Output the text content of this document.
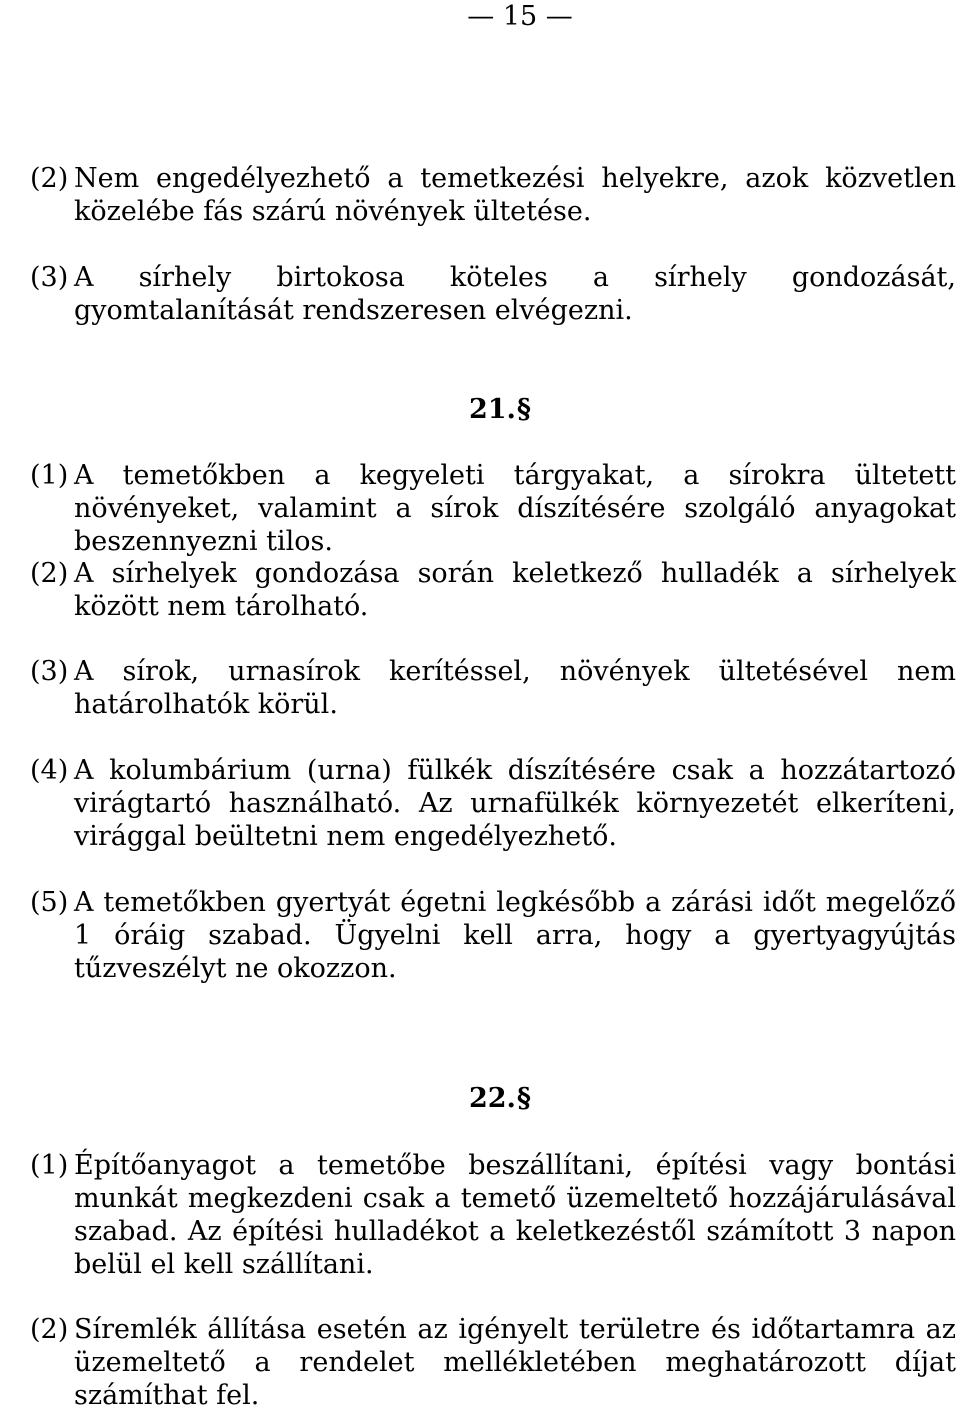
— 15 —
(2) Nem engedélyezhető a temetkezési helyekre, azok közvetlen közelébe fás szárú növények ültetése.
(3) A sírhely birtokosa köteles a sírhely gondozását, gyomtalanítását rendszeresen elvégezni.
21.§
(1) A temetőkben a kegyeleti tárgyakat, a sírokra ültetett növényeket, valamint a sírok díszítésére szolgáló anyagokat beszennyezni tilos.
(2) A sírhelyek gondozása során keletkező hulladék a sírhelyek között nem tárolható.
(3) A sírok, urnasírok kerítéssel, növények ültetésével nem határolhatók körül.
(4) A kolumbárium (urna) fülkék díszítésére csak a hozzátartozó virágtartó használható. Az urnafülkék környezetét elkeríteni, virággal beültetni nem engedélyezhető.
(5) A temetőkben gyertyát égetni legkésőbb a zárási időt megelőző 1 óráig szabad. Ügyelni kell arra, hogy a gyertyagyújtás tűzveszélyt ne okozzon.
22.§
(1) Építőanyagot a temetőbe beszállítani, építési vagy bontási munkát megkezdeni csak a temető üzemeltető hozzájárulásával szabad. Az építési hulladékot a keletkezéstől számított 3 napon belül el kell szállítani.
(2) Síremlék állítása esetén az igényelt területre és időtartamra az üzemeltető a rendelet mellékletében meghatározott díjat számíthat fel.
